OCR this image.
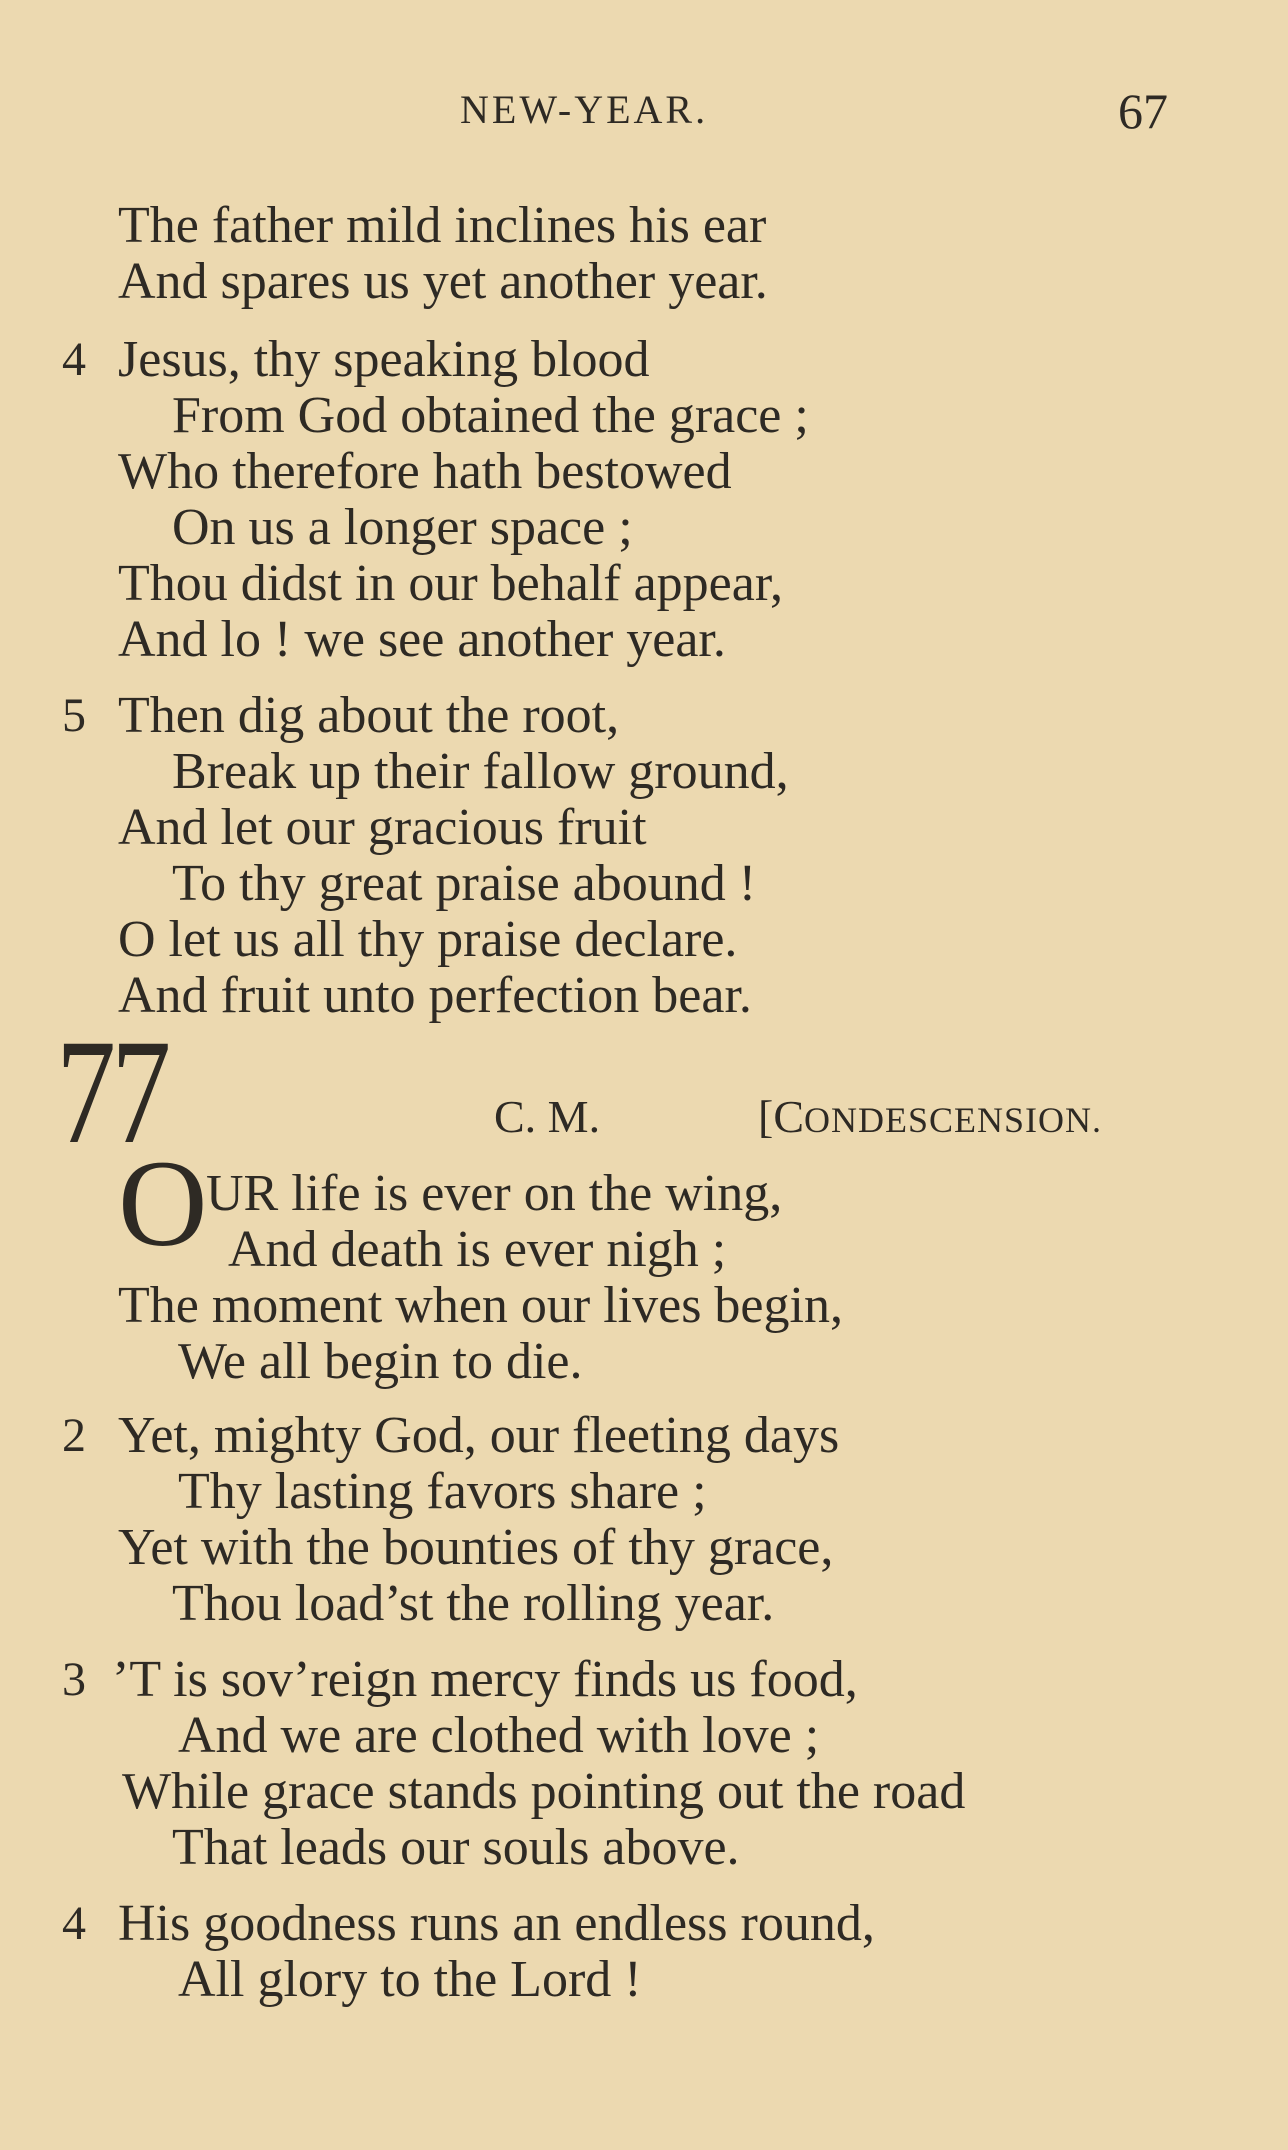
NEW-YEAR.	67
The father mild inclines his ear
And spares us yet another year.
4 Jesus, thy speaking blood
From God obtained the grace ;
Who therefore hath bestowed
On us a longer space ;
Thou didst in our behalf appear,
And lo ! we see another year.
5 Then dig about the root,
Break up their fallow ground,
And let our gracious fruit
To thy great praise abound !
O let us all thy praise declare.
And fruit unto perfection bear.
77	C. M.	[CONDESCENSION.
O
UR life is ever on the wing,
And death is ever nigh ;
The moment when our lives begin,
We all begin to die.
2 Yet, mighty God, our fleeting days
Thy lasting favors share ;
Yet with the bounties of thy grace,
Thou load’st the rolling year.
3 ’T is sov’reign mercy finds us food,
And we are clothed with love ;
While grace stands pointing out the road
That leads our souls above.
4 His goodness runs an endless round,
All glory to the Lord !
